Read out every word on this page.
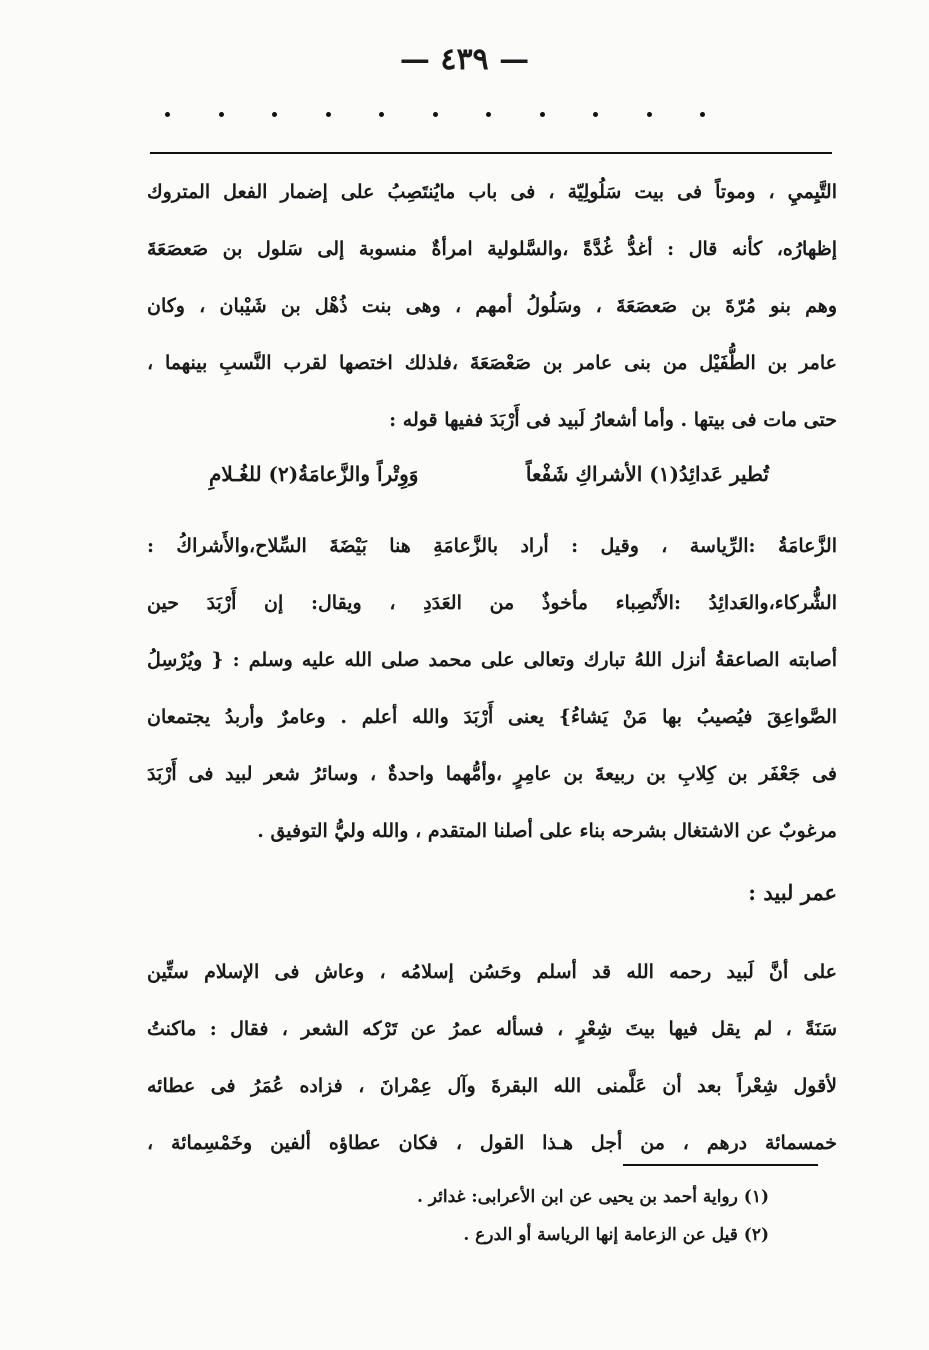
— ٤٣٩ —
التَّيِميِ ، وموتاً فى بيت سَلُولِيّة ، فى باب مايُنتَصِبُ على إضمار الفعل المتروك
إظهارُه، كأنه قال : أغدُّ غُدَّةً ،والسَّلولية امرأةٌ منسوبة إلى سَلول بن صَعصَعَةَ
وهم بنو مُرّةَ بن صَعصَعَةَ ، وسَلُولُ أمهم ، وهى بنت ذُهْل بن شَيْبان ، وكان
عامر بن الطُّفَيْل من بنى عامر بن صَعْصَعَةَ ،فلذلك اختصها لقرب النَّسبِ بينهما ،
حتى مات فى بيتها . وأما أشعارُ لَبيد فى أَرْبَدَ ففيها قوله :
تُطير عَدائِدُ(١) الأشراكِ شَفْعاً
وَوِتْراً والزَّعامَةُ(٢) للغُـلامِ
الزَّعامَةُ :الرِّياسة ، وقيل : أراد بالزَّعامَةِ هنا بَيْضَةَ السِّلاح،والأَشراكُ :
الشُّركاء،والعَدائِدُ :الأَنْصِباء مأخوذٌ من العَدَدِ ، ويقال: إن أَرْبَدَ حين
أصابته الصاعقةُ أنزل اللهُ تبارك وتعالى على محمد صلى الله عليه وسلم : { ويُرْسِلُ
الصَّواعِقَ فيُصيبُ بها مَنْ يَشاءُ} يعنى أَرْبَدَ والله أعلم . وعامرٌ وأربدُ يجتمعان
فى جَعْفَر بن كِلابِ بن ربيعةَ بن عامِرٍ ،وأمُّهما واحدةٌ ، وسائرُ شعر لبيد فى أَرْبَدَ
مرغوبٌ عن الاشتغال بشرحه بناء على أصلنا المتقدم ، والله وليُّ التوفيق .
عمر لبيد :
على أنَّ لَبيد رحمه الله قد أسلم وحَسُن إسلامُه ، وعاش فى الإسلام ستِّين
سَنَةً ، لم يقل فيها بيتَ شِعْرٍ ، فسأله عمرُ عن تَرْكه الشعر ، فقال : ماكنتُ
لأقول شِعْراً بعد أن عَلَّمنى الله البقرةَ وآل عِمْرانَ ، فزاده عُمَرُ فى عطائه
خمسمائة درهم ، من أجل هـذا القول ، فكان عطاؤه ألفين وخَمْسِمائة ،
(١) رواية أحمد بن يحيى عن ابن الأعرابى: غدائر .
(٢) قيل عن الزعامة إنها الرياسة أو الدرع .
